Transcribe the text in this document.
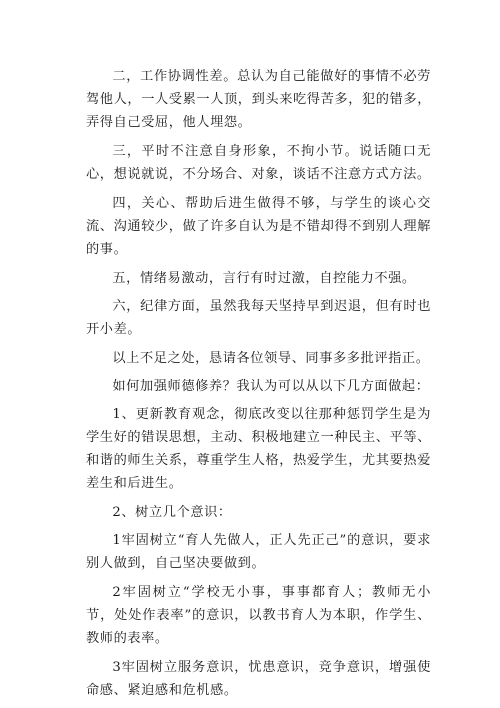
二，工作协调性差。总认为自己能做好的事情不必劳驾他人，一人受累一人顶，到头来吃得苦多，犯的错多，弄得自己受屈，他人埋怨。

三，平时不注意自身形象，不拘小节。说话随口无心，想说就说，不分场合、对象，谈话不注意方式方法。

四，关心、帮助后进生做得不够，与学生的谈心交流、沟通较少，做了许多自认为是不错却得不到别人理解的事。

五，情绪易激动，言行有时过激，自控能力不强。

六，纪律方面，虽然我每天坚持早到迟退，但有时也开小差。

以上不足之处，恳请各位领导、同事多多批评指正。

如何加强师德修养？我认为可以从以下几方面做起：

1、更新教育观念，彻底改变以往那种惩罚学生是为学生好的错误思想，主动、积极地建立一种民主、平等、和谐的师生关系，尊重学生人格，热爱学生，尤其要热爱差生和后进生。

2、树立几个意识：

1牢固树立“育人先做人，正人先正己”的意识，要求别人做到，自己坚决要做到。

2牢固树立“学校无小事，事事都育人；教师无小节，处处作表率”的意识，以教书育人为本职，作学生、教师的表率。

3牢固树立服务意识，忧患意识，竞争意识，增强使命感、紧迫感和危机感。
